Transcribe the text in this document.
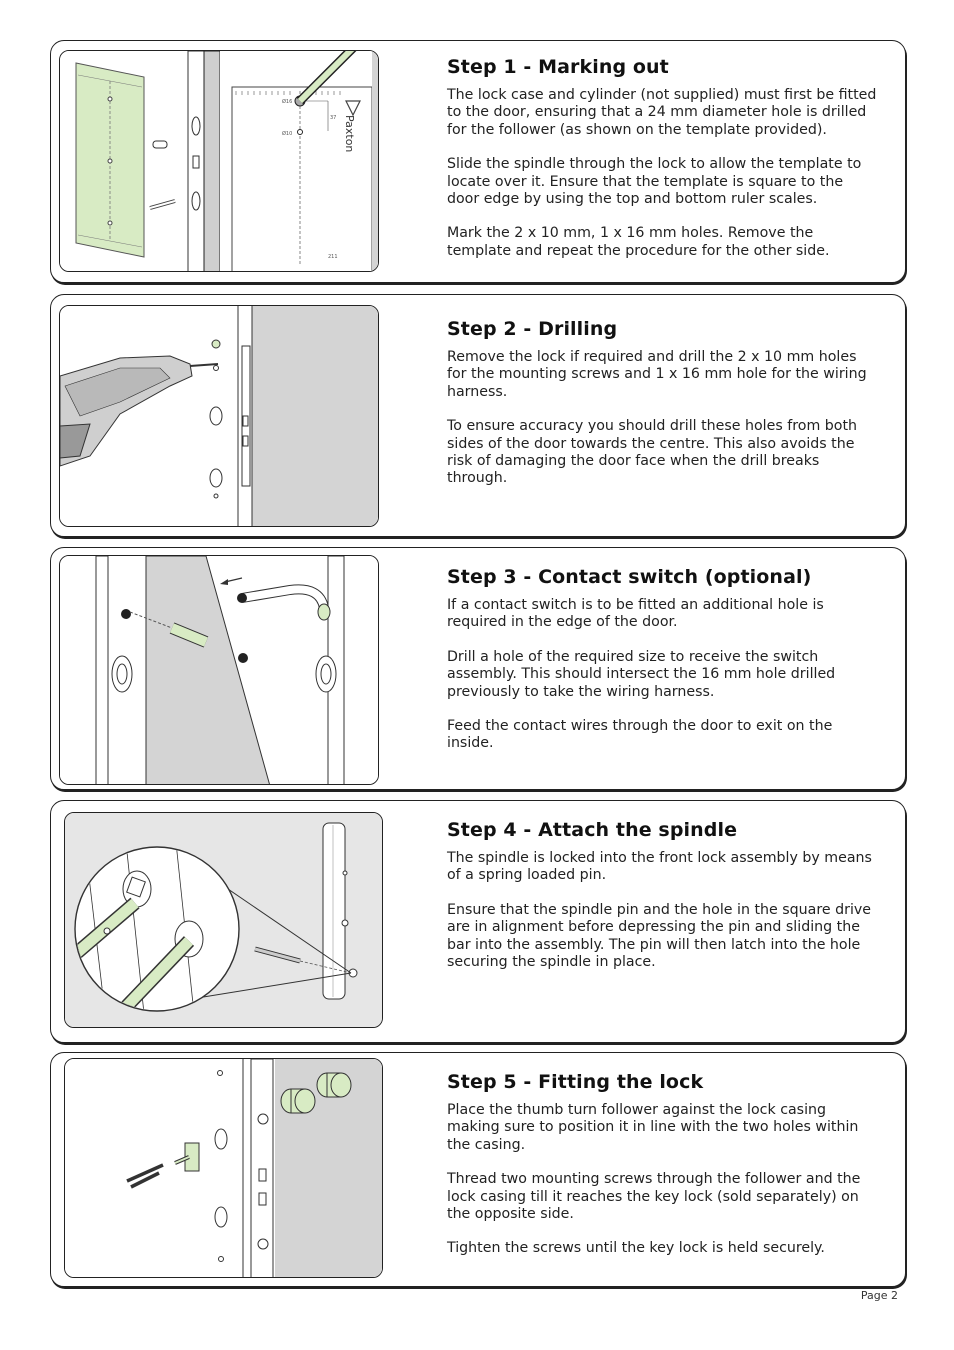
Ø16
Ø10
37
211
Paxton
Step 1 - Marking out

The lock case and cylinder (not supplied) must first be fitted to the door, ensuring that a 24 mm diameter hole is drilled for the follower (as shown on the template provided).

Slide the spindle through the lock to allow the template to locate over it. Ensure that the template is square to the door edge by using the top and bottom ruler scales.

Mark the 2 x 10 mm, 1 x 16 mm holes. Remove the template and repeat the procedure for the other side.

Step 2 - Drilling

Remove the lock if required and drill the 2 x 10 mm holes for the mounting screws and 1 x 16 mm hole for the wiring harness.

To ensure accuracy you should drill these holes from both sides of the door towards the centre. This also avoids the risk of damaging the door face when the drill breaks through.

Step 3 - Contact switch (optional)

If a contact switch is to be fitted an additional hole is required in the edge of the door.

Drill a hole of the required size to receive the switch assembly. This should intersect the 16 mm hole drilled previously to take the wiring harness.

Feed the contact wires through the door to exit on the inside.

Step 4 - Attach the spindle

The spindle is locked into the front lock assembly by means of a spring loaded pin.

Ensure that the spindle pin and the hole in the square drive are in alignment before depressing the pin and sliding the bar into the assembly. The pin will then latch into the hole securing the spindle in place.

Step 5 - Fitting the lock

Place the thumb turn follower against the lock casing making sure to position it in line with the two holes within the casing.

Thread two mounting screws through the follower and the lock casing till it reaches the key lock (sold separately) on the opposite side.

Tighten the screws until the key lock is held securely.

Page 2
